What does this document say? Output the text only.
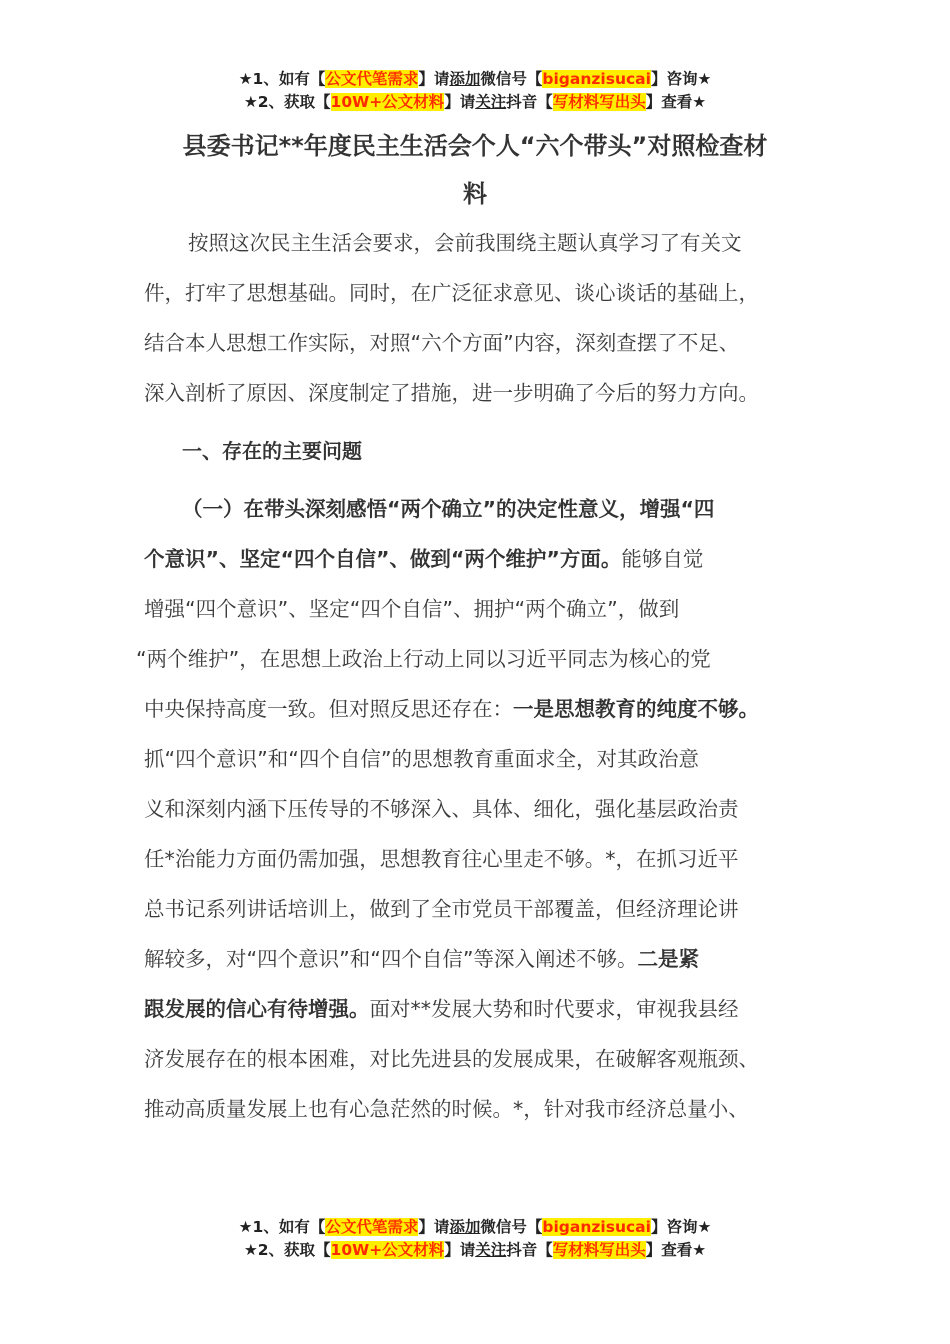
★1、如有【公文代笔需求】请添加微信号【biganzisucai】咨询★
★2、获取【10W+公文材料】请关注抖音【写材料写出头】查看★
县委书记**年度民主生活会个人“六个带头”对照检查材
料
按照这次民主生活会要求，会前我围绕主题认真学习了有关文
件，打牢了思想基础。同时，在广泛征求意见、谈心谈话的基础上，
结合本人思想工作实际，对照“六个方面”内容，深刻查摆了不足、
深入剖析了原因、深度制定了措施，进一步明确了今后的努力方向。
一、存在的主要问题
（一）在带头深刻感悟“两个确立”的决定性意义，增强“四
个意识”、坚定“四个自信”、做到“两个维护”方面。能够自觉
增强“四个意识”、坚定“四个自信”、拥护“两个确立”，做到
“两个维护”，在思想上政治上行动上同以习近平同志为核心的党
中央保持高度一致。但对照反思还存在：一是思想教育的纯度不够。
抓“四个意识”和“四个自信”的思想教育重面求全，对其政治意
义和深刻内涵下压传导的不够深入、具体、细化，强化基层政治责
任*治能力方面仍需加强，思想教育往心里走不够。*，在抓习近平
总书记系列讲话培训上，做到了全市党员干部覆盖，但经济理论讲
解较多，对“四个意识”和“四个自信”等深入阐述不够。二是紧
跟发展的信心有待增强。面对**发展大势和时代要求，审视我县经
济发展存在的根本困难，对比先进县的发展成果，在破解客观瓶颈、
推动高质量发展上也有心急茫然的时候。*，针对我市经济总量小、
★1、如有【公文代笔需求】请添加微信号【biganzisucai】咨询★
★2、获取【10W+公文材料】请关注抖音【写材料写出头】查看★
